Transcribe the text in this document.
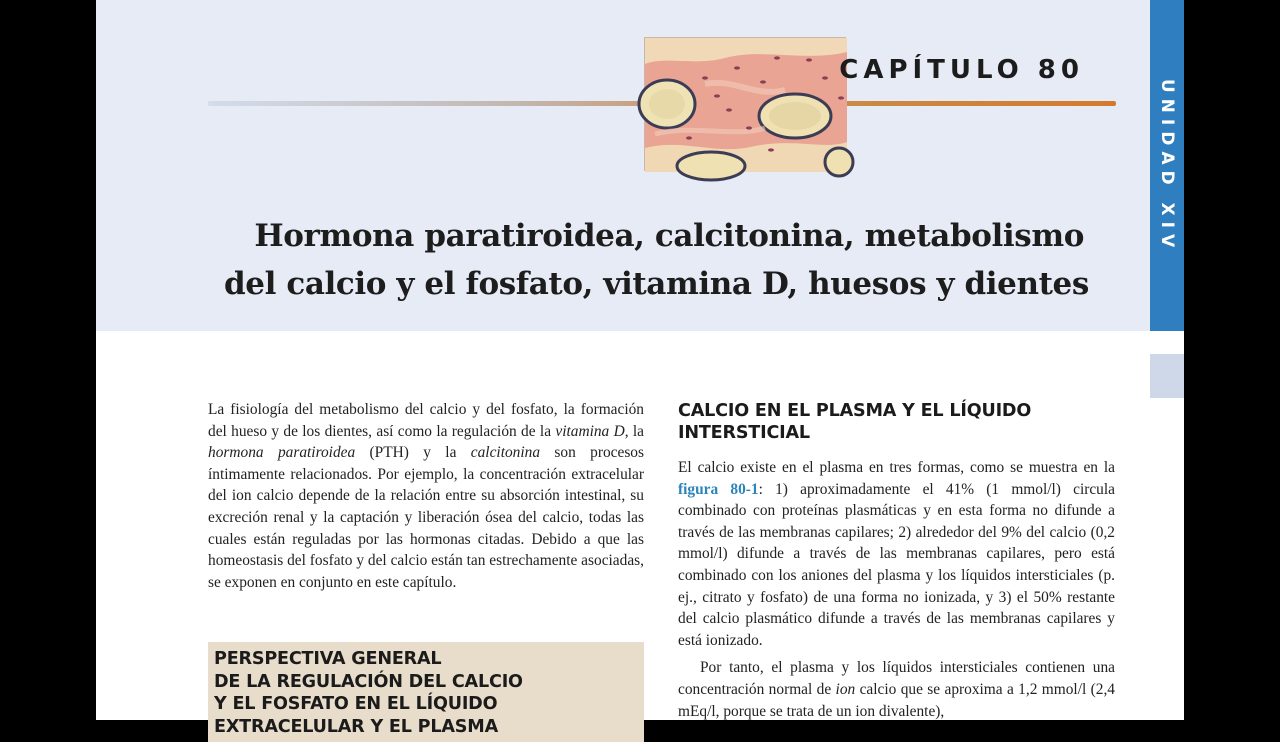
CAPÍTULO 80
Hormona paratiroidea, calcitonina, metabolismo
del calcio y el fosfato, vitamina D, huesos y dientes
UNIDAD XIV

La fisiología del metabolismo del calcio y del fosfato, la formación del hueso y de los dientes, así como la regulación de la vitamina D, la hormona paratiroidea (PTH) y la calcitonina son procesos íntimamente relacionados. Por ejemplo, la concentración extracelular del ion calcio depende de la relación entre su absorción intestinal, su excreción renal y la captación y liberación ósea del calcio, todas las cuales están reguladas por las hormonas citadas. Debido a que las homeostasis del fosfato y del calcio están tan estrechamente asociadas, se exponen en conjunto en este capítulo.

PERSPECTIVA GENERAL
DE LA REGULACIÓN DEL CALCIO
Y EL FOSFATO EN EL LÍQUIDO
EXTRACELULAR Y EL PLASMA
CALCIO EN EL PLASMA Y EL LÍQUIDO
INTERSTICIAL

El calcio existe en el plasma en tres formas, como se muestra en la figura 80-1: 1) aproximadamente el 41% (1 mmol/l) circula combinado con proteínas plasmáticas y en esta forma no difunde a través de las membranas capilares; 2) alrededor del 9% del calcio (0,2 mmol/l) difunde a través de las membranas capilares, pero está combinado con los aniones del plasma y los líquidos intersticiales (p. ej., citrato y fosfato) de una forma no ionizada, y 3) el 50% restante del calcio plasmático difunde a través de las membranas capilares y está ionizado.

Por tanto, el plasma y los líquidos intersticiales contienen una concentración normal de ion calcio que se aproxima a 1,2 mmol/l (2,4 mEq/l, porque se trata de un ion divalente),
